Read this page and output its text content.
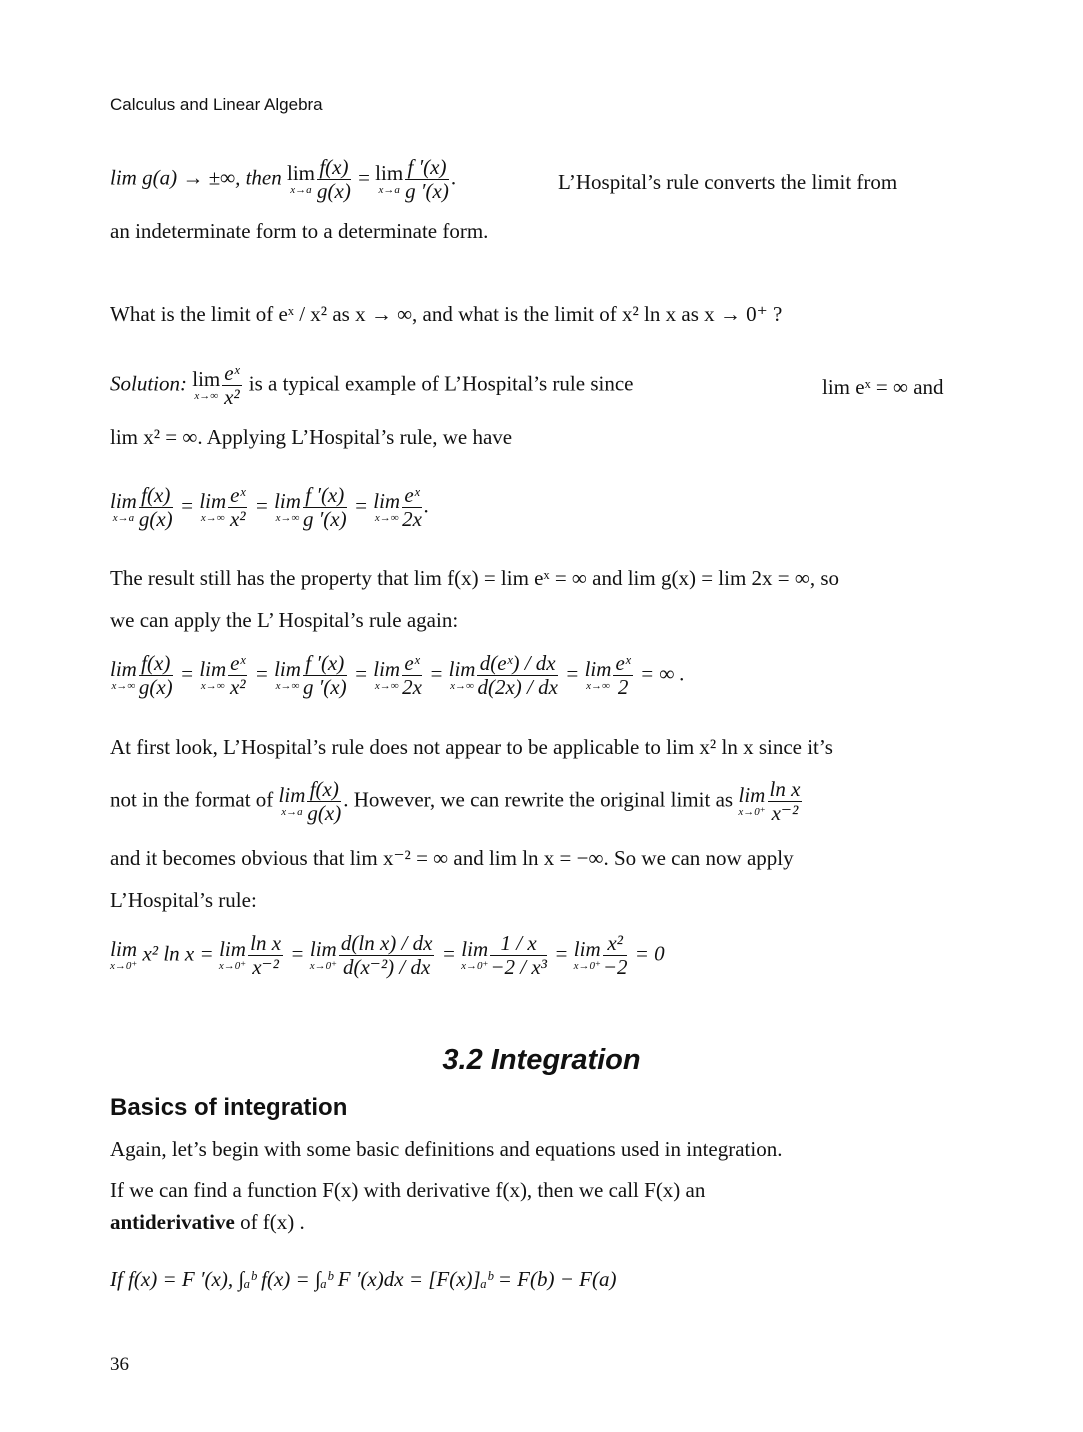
Calculus and Linear Algebra
lim g(a) → ±∞, then lim
$x\to a \frac{f(x)}{g(x)} = \lim$
$x\to a \frac{f '(x)}{g '(x)}$ .	L’Hospital’s rule converts the limit from
an indeterminate form to a determinate form.
What is the limit of eˣ / x² as x → ∞, and what is the limit of x² ln x as x → 0⁺ ?
Solution: lim
$x\to\infty \frac{\text{eˣ}}{\text{x²}}$ is a typical example of L’Hospital’s rule since	lim eˣ = ∞ and
lim x² = ∞. Applying L’Hospital’s rule, we have
lim
$x\to a \frac{f(x)}{g(x)} = \lim$
$x\to\infty \frac{\text{eˣ}}{\text{x²}} = \lim$
$x\to\infty \frac{f '(x)}{g '(x)} = \lim$
$x\to\infty \frac{\text{eˣ}}{2x}$ .
The result still has the property that lim f(x) = lim eˣ = ∞ and lim g(x) = lim 2x = ∞, so
we can apply the L’ Hospital’s rule again:
lim
$x\to\infty \frac{f(x)}{g(x)} = \lim$
$x\to\infty \frac{\text{eˣ}}{\text{x²}} = \lim$
$x\to\infty \frac{f '(x)}{g '(x)} = \lim$
$x\to\infty \frac{\text{eˣ}}{2x} = \lim$
$x\to\infty \frac{\text{d(eˣ) / dx}}{d(2x) / dx} = \lim$
$x\to\infty \frac{\text{eˣ}}{2}$ = ∞ .
At first look, L’Hospital’s rule does not appear to be applicable to lim x² ln x since it’s
not in the format of lim
$x\to a \frac{f(x)}{g(x)}$ . However, we can rewrite the original limit as lim
$x\to 0^+ \frac{\text{ln x}}{\text{x⁻²}}$
and it becomes obvious that lim x⁻² = ∞ and lim ln x = −∞. So we can now apply
L’Hospital’s rule:
lim
x→0⁺
x² ln x = lim
$x\to 0^+ \frac{\text{ln x}}{\text{x⁻²}} = \lim$
$x\to 0^+ \frac{\text{d(ln x) / dx}}{\text{d(x⁻²) / dx}} = \lim$
$x\to 0^+ \frac{1 / x}{\text{−2 / x³}} = \lim$
$x\to 0^+ \frac{\text{x²}}{-2} = 0$
3.2 Integration
Basics of integration
Again, let’s begin with some basic definitions and equations used in integration.
If we can find a function F(x) with derivative f(x), then we call F(x) an
antiderivative of f(x) .
If f(x) = F ′(x), ∫ₐᵇ f(x) = ∫ₐᵇ F ′(x)dx = [F(x)]ₐᵇ = F(b) − F(a)
36
